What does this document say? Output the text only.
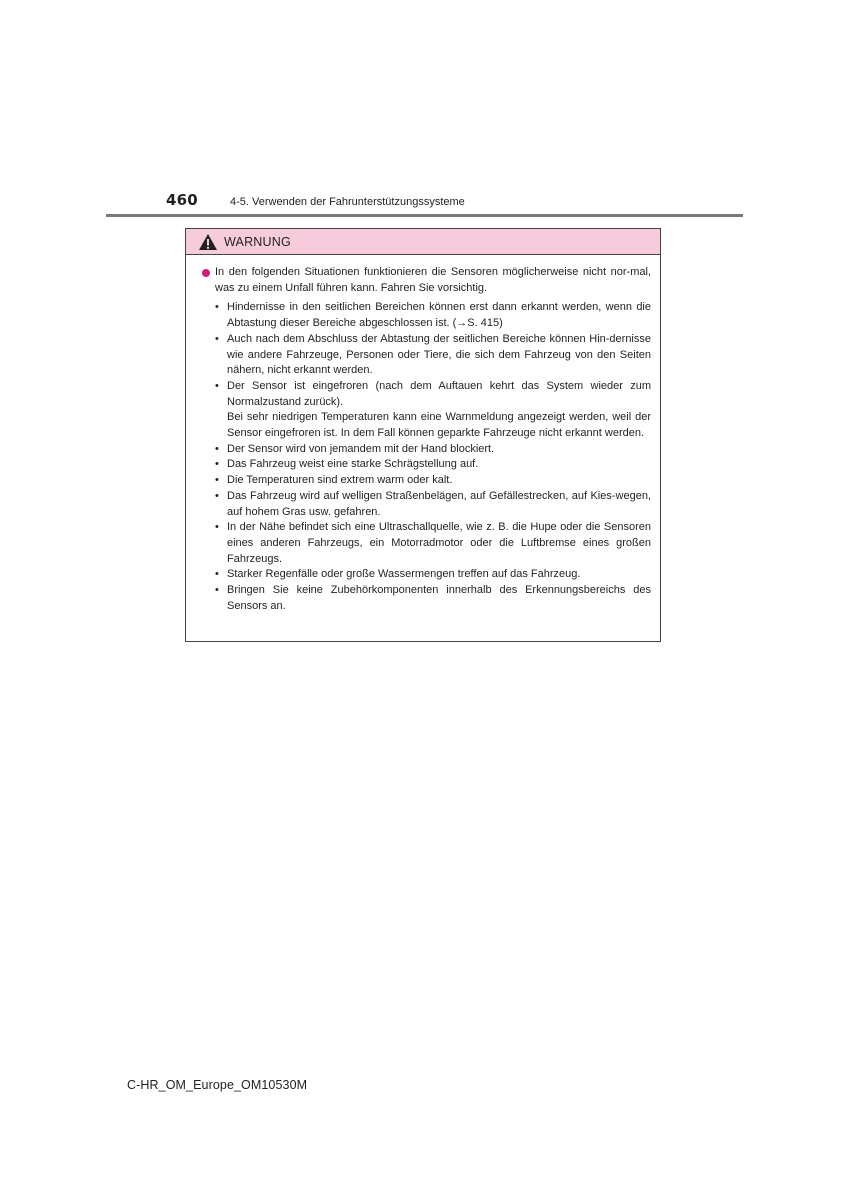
460	4-5. Verwenden der Fahrunterstützungssysteme
WARNUNG
In den folgenden Situationen funktionieren die Sensoren möglicherweise nicht nor-mal, was zu einem Unfall führen kann. Fahren Sie vorsichtig.
• Hindernisse in den seitlichen Bereichen können erst dann erkannt werden, wenn die Abtastung dieser Bereiche abgeschlossen ist. (→S. 415)
• Auch nach dem Abschluss der Abtastung der seitlichen Bereiche können Hin-dernisse wie andere Fahrzeuge, Personen oder Tiere, die sich dem Fahrzeug von den Seiten nähern, nicht erkannt werden.
• Der Sensor ist eingefroren (nach dem Auftauen kehrt das System wieder zum Normalzustand zurück).
Bei sehr niedrigen Temperaturen kann eine Warnmeldung angezeigt werden, weil der Sensor eingefroren ist. In dem Fall können geparkte Fahrzeuge nicht erkannt werden.
• Der Sensor wird von jemandem mit der Hand blockiert.
• Das Fahrzeug weist eine starke Schrägstellung auf.
• Die Temperaturen sind extrem warm oder kalt.
• Das Fahrzeug wird auf welligen Straßenbelägen, auf Gefällestrecken, auf Kies-wegen, auf hohem Gras usw. gefahren.
• In der Nähe befindet sich eine Ultraschallquelle, wie z. B. die Hupe oder die Sensoren eines anderen Fahrzeugs, ein Motorradmotor oder die Luftbremse eines großen Fahrzeugs.
• Starker Regenfälle oder große Wassermengen treffen auf das Fahrzeug.
• Bringen Sie keine Zubehörkomponenten innerhalb des Erkennungsbereichs des Sensors an.
C-HR_OM_Europe_OM10530M
